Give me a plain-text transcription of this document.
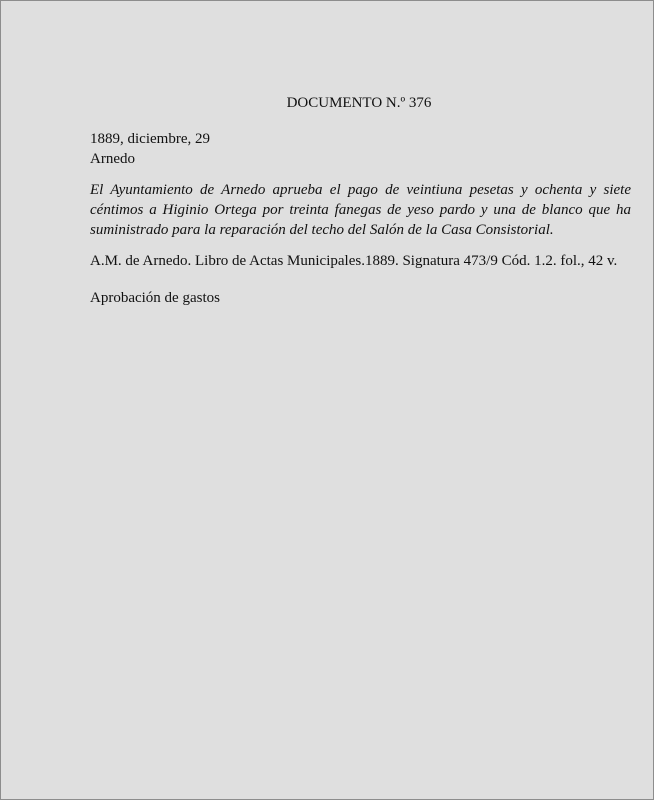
DOCUMENTO N.º 376
1889, diciembre, 29
Arnedo
El Ayuntamiento de Arnedo aprueba el pago de veintiuna pesetas y ochenta y siete céntimos a Higinio Ortega por treinta fanegas de yeso pardo y una de blanco que ha suministrado para la reparación del techo del Salón de la Casa Consistorial.
A.M. de Arnedo. Libro de Actas Municipales.1889. Signatura 473/9 Cód. 1.2. fol., 42 v.
Aprobación de gastos
